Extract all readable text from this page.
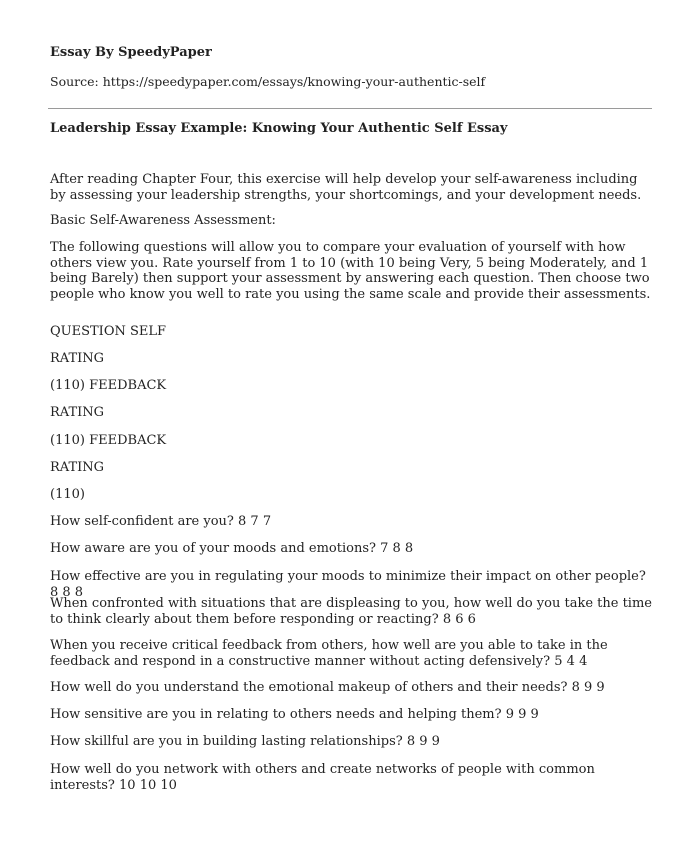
Essay By SpeedyPaper
Source: https://speedypaper.com/essays/knowing-your-authentic-self
Leadership Essay Example: Knowing Your Authentic Self Essay
After reading Chapter Four, this exercise will help develop your self-awareness including by assessing your leadership strengths, your shortcomings, and your development needs.
Basic Self-Awareness Assessment:
The following questions will allow you to compare your evaluation of yourself with how others view you. Rate yourself from 1 to 10 (with 10 being Very, 5 being Moderately, and 1 being Barely) then support your assessment by answering each question. Then choose two people who know you well to rate you using the same scale and provide their assessments.
QUESTION SELF
RATING
(110) FEEDBACK
RATING
(110) FEEDBACK
RATING
(110)
How self-confident are you? 8 7 7
How aware are you of your moods and emotions? 7 8 8
How effective are you in regulating your moods to minimize their impact on other people? 8 8 8
When confronted with situations that are displeasing to you, how well do you take the time to think clearly about them before responding or reacting? 8 6 6
When you receive critical feedback from others, how well are you able to take in the feedback and respond in a constructive manner without acting defensively? 5 4 4
How well do you understand the emotional makeup of others and their needs? 8 9 9
How sensitive are you in relating to others needs and helping them? 9 9 9
How skillful are you in building lasting relationships? 8 9 9
How well do you network with others and create networks of people with common interests? 10 10 10
